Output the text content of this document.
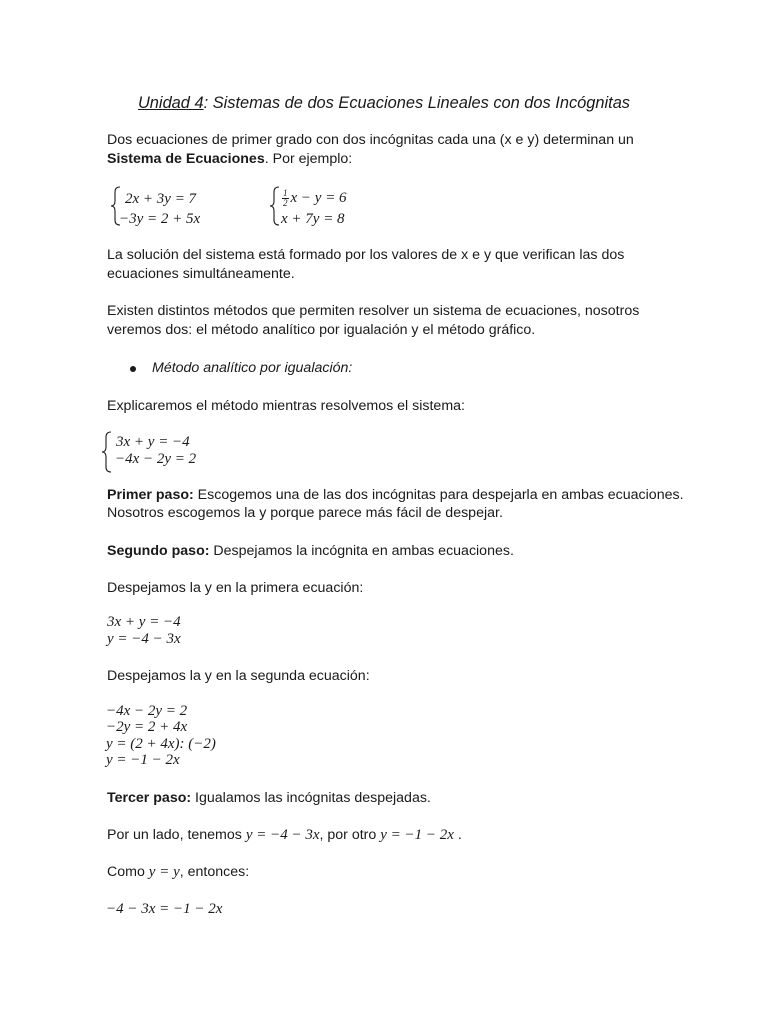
Unidad 4: Sistemas de dos Ecuaciones Lineales con dos Incógnitas

Dos ecuaciones de primer grado con dos incógnitas cada una (x e y) determinan un

Sistema de Ecuaciones. Por ejemplo:

2x + 3y = 7

−3y = 2 + 5x

$\frac{1}{2}$ x − y = 6

x + 7y = 8

La solución del sistema está formado por los valores de x e y que verifican las dos

ecuaciones simultáneamente.

Existen distintos métodos que permiten resolver un sistema de ecuaciones, nosotros

veremos dos: el método analítico por igualación y el método gráfico.

Método analítico por igualación:

Explicaremos el método mientras resolvemos el sistema:

3x + y = −4

−4x − 2y = 2

Primer paso: Escogemos una de las dos incógnitas para despejarla en ambas ecuaciones.

Nosotros escogemos la y porque parece más fácil de despejar.

Segundo paso: Despejamos la incógnita en ambas ecuaciones.

Despejamos la y en la primera ecuación:

3x + y = −4

y = −4 − 3x

Despejamos la y en la segunda ecuación:

−4x − 2y = 2

−2y = 2 + 4x

y = (2 + 4x): (−2)

y = −1 − 2x

Tercer paso: Igualamos las incógnitas despejadas.

Por un lado, tenemos y = −4 − 3x, por otro y = −1 − 2x .

Como y = y, entonces:

−4 − 3x = −1 − 2x
